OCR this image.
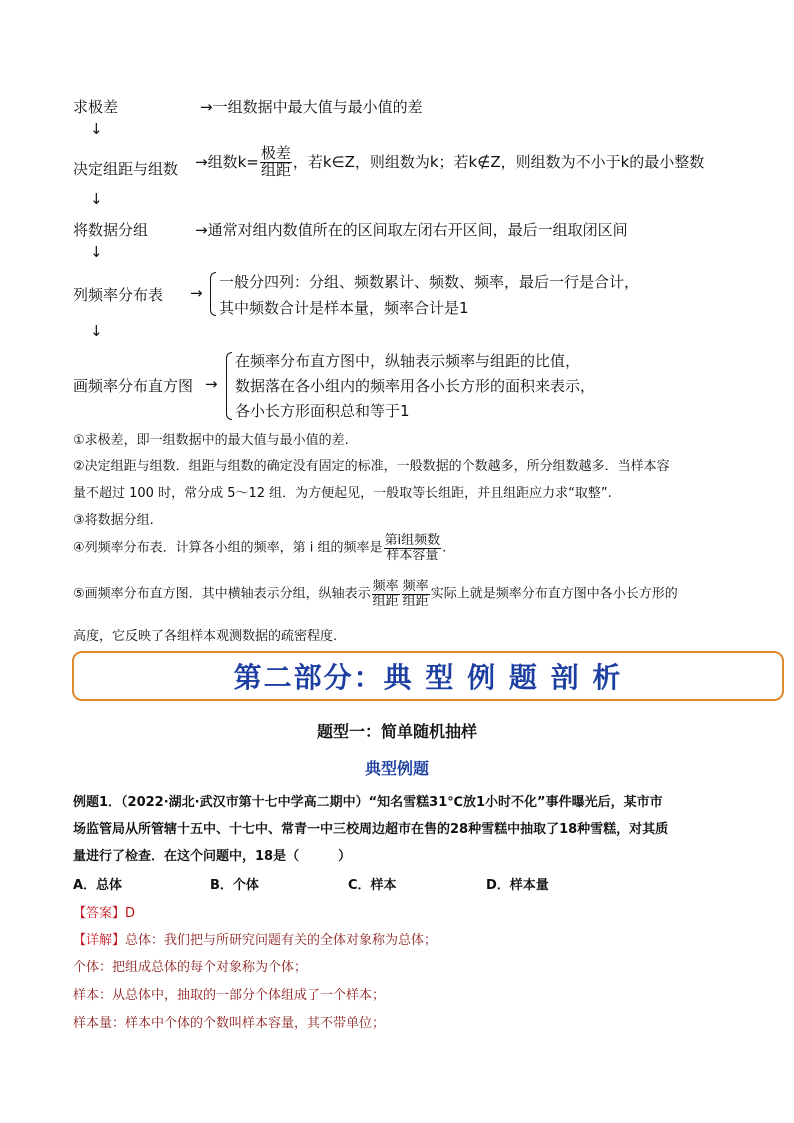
求极差	→一组数据中最大值与最小值的差
↓
决定组距与组数 →组数$k= \frac{\text{极差}}{\text{组距}}$ ，若k∈Z，则组数为k；若k∉Z，则组数为不小于k的最小整数
↓
将数据分组	→通常对组内数值所在的区间取左闭右开区间，最后一组取闭区间
↓
列频率分布表 →
一般分四列：分组、频数累计、频数、频率，最后一行是合计，
其中频数合计是样本量，频率合计是1
↓
画频率分布直方图 →
在频率分布直方图中，纵轴表示频率与组距的比值，
数据落在各小组内的频率用各小长方形的面积来表示，
各小长方形面积总和等于1
①求极差，即一组数据中的最大值与最小值的差.
②决定组距与组数．组距与组数的确定没有固定的标准，一般数据的个数越多，所分组数越多．当样本容
量不超过 100 时，常分成 5～12 组．为方便起见，一般取等长组距，并且组距应力求“取整”.
③将数据分组.
④列频率分布表．计算各小组的频率，第 i 组的频率是 $\frac{\text{第i组频数}}{\text{样本容量}}$ .
⑤画频率分布直方图．其中横轴表示分组，纵轴表示 $\frac{\text{频率}}{\text{组距}} \frac{\text{频率}}{\text{组距}}$ 实际上就是频率分布直方图中各小长方形的
高度，它反映了各组样本观测数据的疏密程度.
第二部分：典 型 例 题 剖 析
题型一：简单随机抽样
典型例题
例题1．（2022·湖北·武汉市第十七中学高二期中）“知名雪糕31℃放1小时不化”事件曝光后，某市市
场监管局从所管辖十五中、十七中、常青一中三校周边超市在售的28种雪糕中抽取了18种雪糕，对其质
量进行了检查．在这个问题中，18是（　　　）
A．总体	B．个体	C．样本	D．样本量
【答案】D
【详解】总体：我们把与所研究问题有关的全体对象称为总体；
个体：把组成总体的每个对象称为个体；
样本：从总体中，抽取的一部分个体组成了一个样本；
样本量：样本中个体的个数叫样本容量，其不带单位；
